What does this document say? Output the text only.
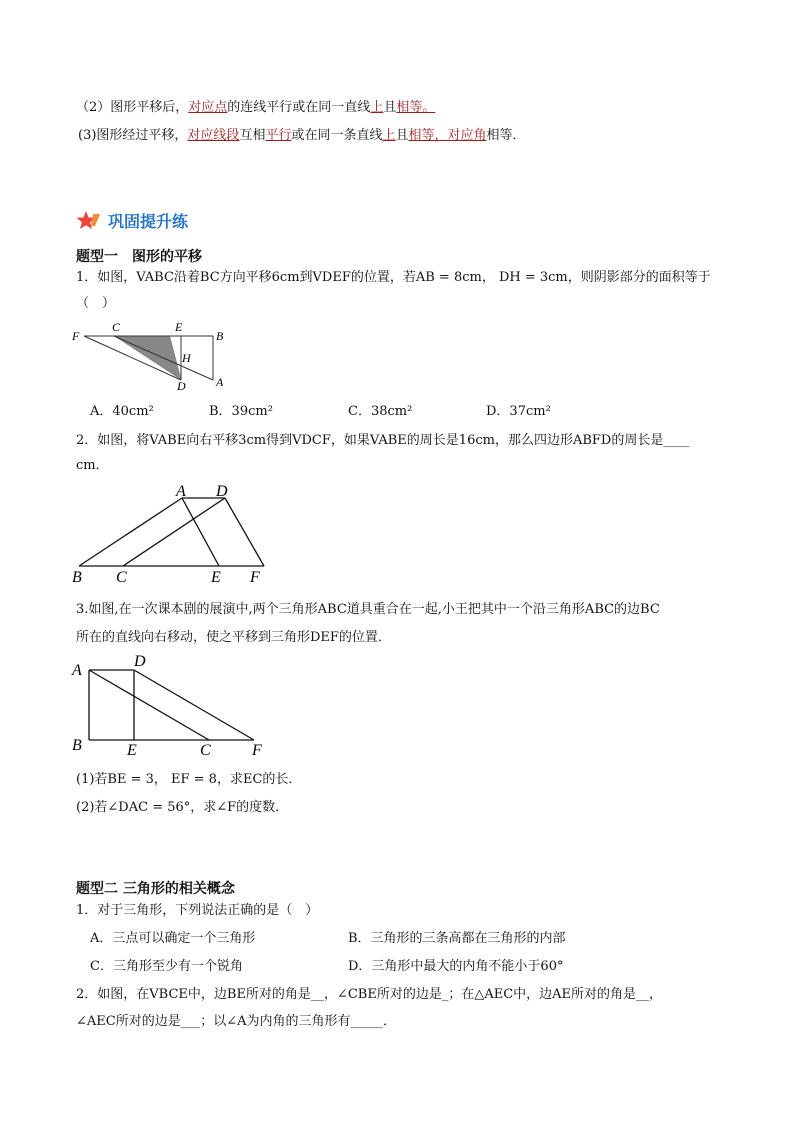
（2）图形平移后，对应点的连线平行或在同一直线上且相等。
(3)图形经过平移，对应线段互相平行或在同一条直线上且相等，对应角相等．
巩固提升练
题型一　图形的平移
1．如图，VABC沿着BC方向平移6cm到VDEF的位置，若AB = 8cm， DH = 3cm，则阴影部分的面积等于
（　）
F
C	E
B
H
D	A
A．40cm²	B．39cm²	C．38cm²	D．37cm²
2．如图，将VABE向右平移3cm得到VDCF，如果VABE的周长是16cm，那么四边形ABFD的周长是____
cm．
A D
B C	E F
3.如图,在一次课本剧的展演中,两个三角形ABC道具重合在一起,小王把其中一个沿三角形ABC的边BC
所在的直线向右移动，使之平移到三角形DEF的位置．
A
D
B	E	C	F
(1)若BE = 3， EF = 8，求EC的长．
(2)若∠DAC = 56°，求∠F的度数．
题型二 三角形的相关概念
1．对于三角形，下列说法正确的是（　）
A．三点可以确定一个三角形	B．三角形的三条高都在三角形的内部
C．三角形至少有一个锐角	D．三角形中最大的内角不能小于60°
2．如图，在VBCE中，边BE所对的角是__，∠CBE所对的边是_；在△AEC中，边AE所对的角是__，
∠AEC所对的边是___；以∠A为内角的三角形有_____．
